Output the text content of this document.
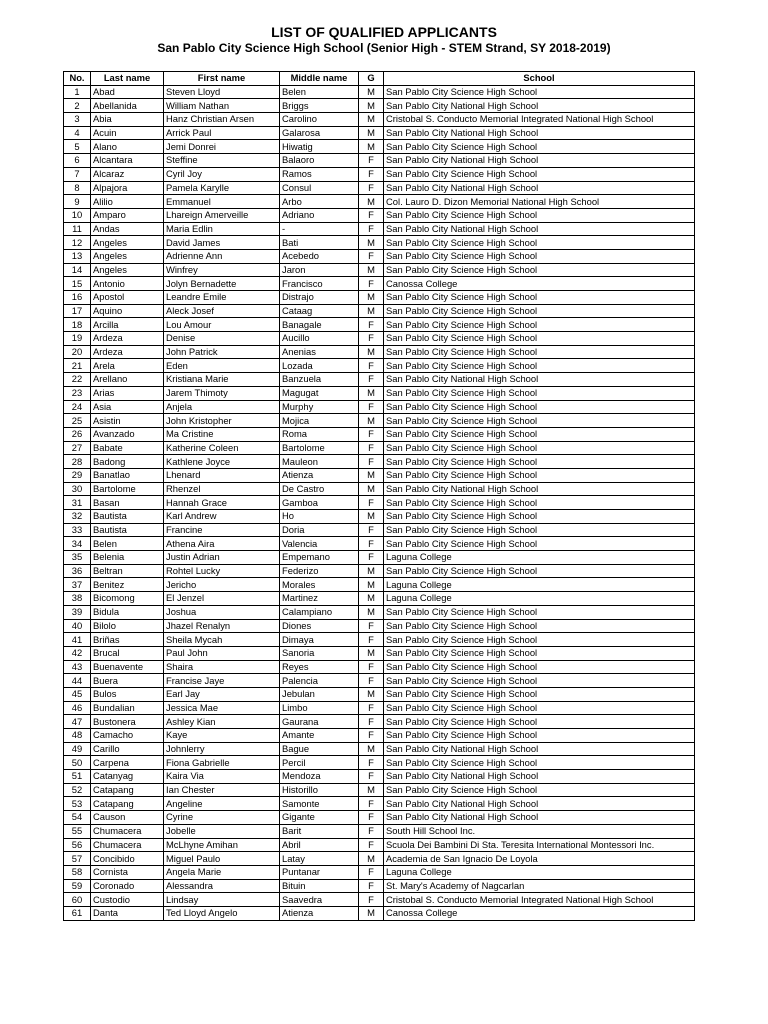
LIST OF QUALIFIED APPLICANTS
San Pablo City Science High School (Senior High - STEM Strand, SY 2018-2019)
No.	Last name	First name	Middle name	G	School
1	Abad	Steven Lloyd	Belen	M	San Pablo City Science High School
2	Abellanida	William Nathan	Briggs	M	San Pablo City National High School
3	Abia	Hanz Christian Arsen	Carolino	M	Cristobal S. Conducto Memorial Integrated National High School
4	Acuin	Arrick Paul	Galarosa	M	San Pablo City National High School
5	Alano	Jemi Donrei	Hiwatig	M	San Pablo City Science High School
6	Alcantara	Steffine	Balaoro	F	San Pablo City National High School
7	Alcaraz	Cyril Joy	Ramos	F	San Pablo City Science High School
8	Alpajora	Pamela Karylle	Consul	F	San Pablo City National High School
9	Alilio	Emmanuel	Arbo	M	Col. Lauro D. Dizon Memorial National High School
10	Amparo	Lhareign Amerveille	Adriano	F	San Pablo City Science High School
11	Andas	Maria Edlin	-	F	San Pablo City National High School
12	Angeles	David James	Bati	M	San Pablo City Science High School
13	Angeles	Adrienne Ann	Acebedo	F	San Pablo City Science High School
14	Angeles	Winfrey	Jaron	M	San Pablo City Science High School
15	Antonio	Jolyn Bernadette	Francisco	F	Canossa College
16	Apostol	Leandre Emile	Distrajo	M	San Pablo City Science High School
17	Aquino	Aleck Josef	Cataag	M	San Pablo City Science High School
18	Arcilla	Lou Amour	Banagale	F	San Pablo City Science High School
19	Ardeza	Denise	Aucillo	F	San Pablo City Science High School
20	Ardeza	John Patrick	Anenias	M	San Pablo City Science High School
21	Arela	Eden	Lozada	F	San Pablo City Science High School
22	Arellano	Kristiana Marie	Banzuela	F	San Pablo City National High School
23	Arias	Jarem Thimoty	Magugat	M	San Pablo City Science High School
24	Asia	Anjela	Murphy	F	San Pablo City Science High School
25	Asistin	John Kristopher	Mojica	M	San Pablo City Science High School
26	Avanzado	Ma Cristine	Roma	F	San Pablo City Science High School
27	Babate	Katherine Coleen	Bartolome	F	San Pablo City Science High School
28	Badong	Kathlene Joyce	Mauleon	F	San Pablo City Science High School
29	Banatlao	Lhenard	Atienza	M	San Pablo City Science High School
30	Bartolome	Rhenzel	De Castro	M	San Pablo City National High School
31	Basan	Hannah Grace	Gamboa	F	San Pablo City Science High School
32	Bautista	Karl Andrew	Ho	M	San Pablo City Science High School
33	Bautista	Francine	Doria	F	San Pablo City Science High School
34	Belen	Athena Aira	Valencia	F	San Pablo City Science High School
35	Belenia	Justin Adrian	Empemano	F	Laguna College
36	Beltran	Rohtel Lucky	Federizo	M	San Pablo City Science High School
37	Benitez	Jericho	Morales	M	Laguna College
38	Bicomong	El Jenzel	Martinez	M	Laguna College
39	Bidula	Joshua	Calampiano	M	San Pablo City Science High School
40	Bilolo	Jhazel Renalyn	Diones	F	San Pablo City Science High School
41	Briñas	Sheila Mycah	Dimaya	F	San Pablo City Science High School
42	Brucal	Paul John	Sanoria	M	San Pablo City Science High School
43	Buenavente	Shaira	Reyes	F	San Pablo City Science High School
44	Buera	Francise Jaye	Palencia	F	San Pablo City Science High School
45	Bulos	Earl Jay	Jebulan	M	San Pablo City Science High School
46	Bundalian	Jessica Mae	Limbo	F	San Pablo City Science High School
47	Bustonera	Ashley Kian	Gaurana	F	San Pablo City Science High School
48	Camacho	Kaye	Amante	F	San Pablo City Science High School
49	Carillo	Johnlerry	Bague	M	San Pablo City National High School
50	Carpena	Fiona Gabrielle	Percil	F	San Pablo City Science High School
51	Catanyag	Kaira Via	Mendoza	F	San Pablo City National High School
52	Catapang	Ian Chester	Historillo	M	San Pablo City Science High School
53	Catapang	Angeline	Samonte	F	San Pablo City National High School
54	Causon	Cyrine	Gigante	F	San Pablo City National High School
55	Chumacera	Jobelle	Barit	F	South Hill School Inc.
56	Chumacera	McLhyne Amihan	Abril	F	Scuola Dei Bambini Di Sta. Teresita International Montessori Inc.
57	Concibido	Miguel Paulo	Latay	M	Academia de San Ignacio De Loyola
58	Cornista	Angela Marie	Puntanar	F	Laguna College
59	Coronado	Alessandra	Bituin	F	St. Mary's Academy of Nagcarlan
60	Custodio	Lindsay	Saavedra	F	Cristobal S. Conducto Memorial Integrated National High School
61	Danta	Ted Lloyd Angelo	Atienza	M	Canossa College
